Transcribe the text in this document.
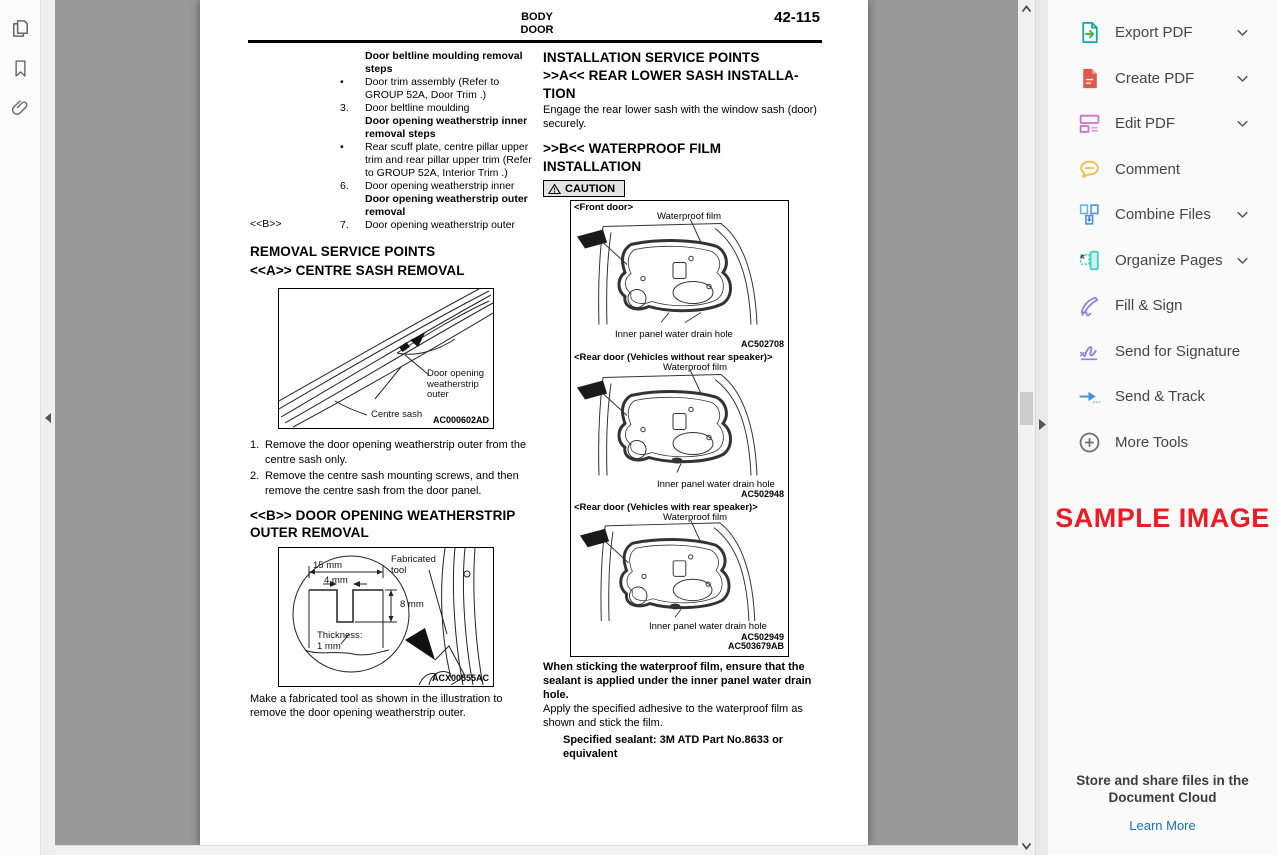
BODY
DOOR
42-115
Door beltline moulding removal steps
•	Door trim assembly (Refer to GROUP 52A, Door Trim .)
3.	Door beltline moulding
Door opening weatherstrip inner removal steps
•	Rear scuff plate, centre pillar upper trim and rear pillar upper trim (Refer to GROUP 52A, Interior Trim .)
6.	Door opening weatherstrip inner
Door opening weatherstrip outer removal
7.	Door opening weatherstrip outer
<<B>>
REMOVAL SERVICE POINTS
<<A>> CENTRE SASH REMOVAL
Door opening
weatherstrip
outer
Centre sash AC000602AD
1. Remove the door opening weatherstrip outer from the centre sash only.
2. Remove the centre sash mounting screws, and then remove the centre sash from the door panel.
<<B>> DOOR OPENING WEATHERSTRIP OUTER REMOVAL
15 mm
4 mm
8 mm
Thickness:
1 mm
Fabricated
tool
ACX00555AC
Make a fabricated tool as shown in the illustration to remove the door opening weatherstrip outer.
INSTALLATION SERVICE POINTS
>>A<< REAR LOWER SASH INSTALLA-
TION
Engage the rear lower sash with the window sash (door) securely.
>>B<< WATERPROOF FILM
INSTALLATION
CAUTION
<Front door>
Waterproof film
Inner panel water drain hole
AC502708
<Rear door (Vehicles without rear speaker)>
Waterproof film
Inner panel water drain hole
AC502948
<Rear door (Vehicles with rear speaker)>
Waterproof film
Inner panel water drain hole
AC502949
AC503679AB
When sticking the waterproof film, ensure that the sealant is applied under the inner panel water drain hole.
Apply the specified adhesive to the waterproof film as shown and stick the film.
Specified sealant: 3M ATD Part No.8633 or equivalent
Export PDF
Create PDF
Edit PDF
Comment
Combine Files
Organize Pages
Fill & Sign
Send for Signature
Send & Track
More Tools
SAMPLE IMAGE
Store and share files in the
Document Cloud
Learn More
